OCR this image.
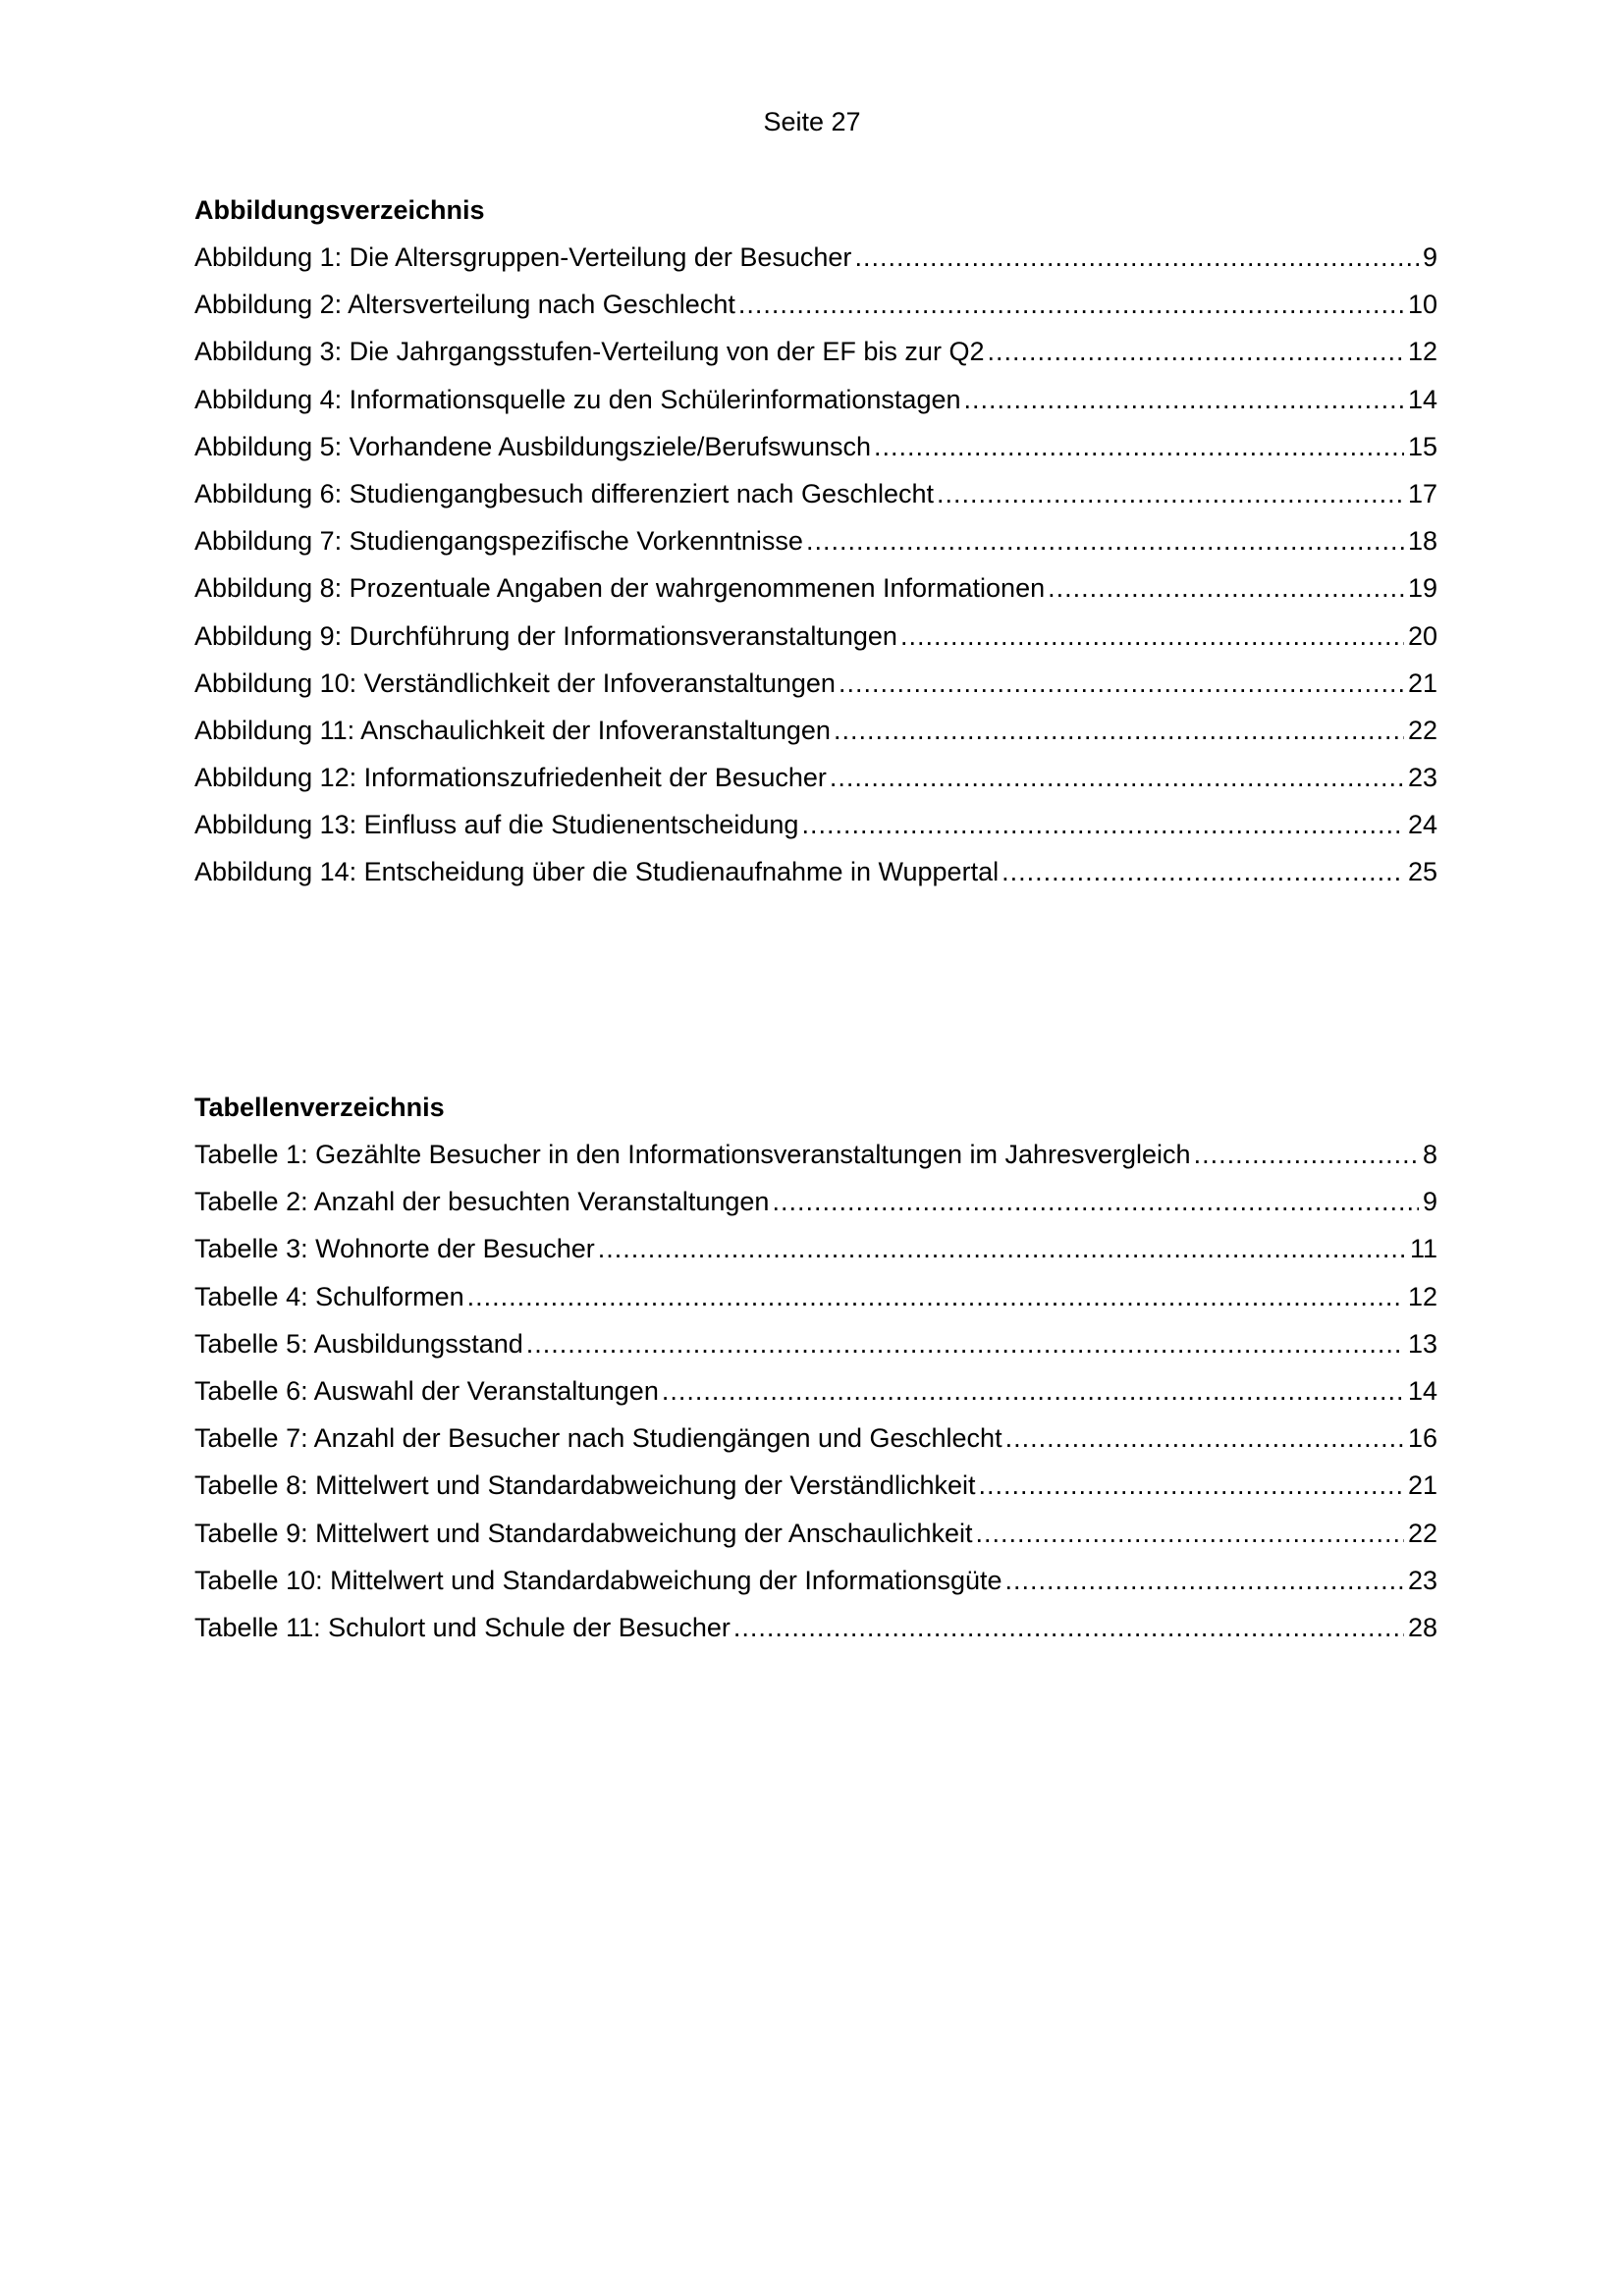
Seite 27
Abbildungsverzeichnis
Abbildung 1: Die Altersgruppen-Verteilung der Besucher .....	9
Abbildung 2: Altersverteilung nach Geschlecht .....	10
Abbildung 3: Die Jahrgangsstufen-Verteilung von der EF bis zur Q2 .....	12
Abbildung 4: Informationsquelle zu den Schülerinformationstagen .....	14
Abbildung 5: Vorhandene Ausbildungsziele/Berufswunsch .....	15
Abbildung 6: Studiengangbesuch differenziert nach Geschlecht .....	17
Abbildung 7: Studiengangspezifische Vorkenntnisse .....	18
Abbildung 8: Prozentuale Angaben der wahrgenommenen Informationen .....	19
Abbildung 9: Durchführung der Informationsveranstaltungen .....	20
Abbildung 10: Verständlichkeit der Infoveranstaltungen .....	21
Abbildung 11: Anschaulichkeit der Infoveranstaltungen .....	22
Abbildung 12: Informationszufriedenheit der Besucher .....	23
Abbildung 13: Einfluss auf die Studienentscheidung .....	24
Abbildung 14: Entscheidung über die Studienaufnahme in Wuppertal .....	25
Tabellenverzeichnis
Tabelle 1: Gezählte Besucher in den Informationsveranstaltungen im Jahresvergleich .....	8
Tabelle 2: Anzahl der besuchten Veranstaltungen .....	9
Tabelle 3: Wohnorte der Besucher .....	11
Tabelle 4: Schulformen .....	12
Tabelle 5: Ausbildungsstand .....	13
Tabelle 6: Auswahl der Veranstaltungen .....	14
Tabelle 7: Anzahl der Besucher nach Studiengängen und Geschlecht .....	16
Tabelle 8: Mittelwert und Standardabweichung der Verständlichkeit .....	21
Tabelle 9: Mittelwert und Standardabweichung der Anschaulichkeit .....	22
Tabelle 10: Mittelwert und Standardabweichung der Informationsgüte .....	23
Tabelle 11: Schulort und Schule der Besucher .....	28
